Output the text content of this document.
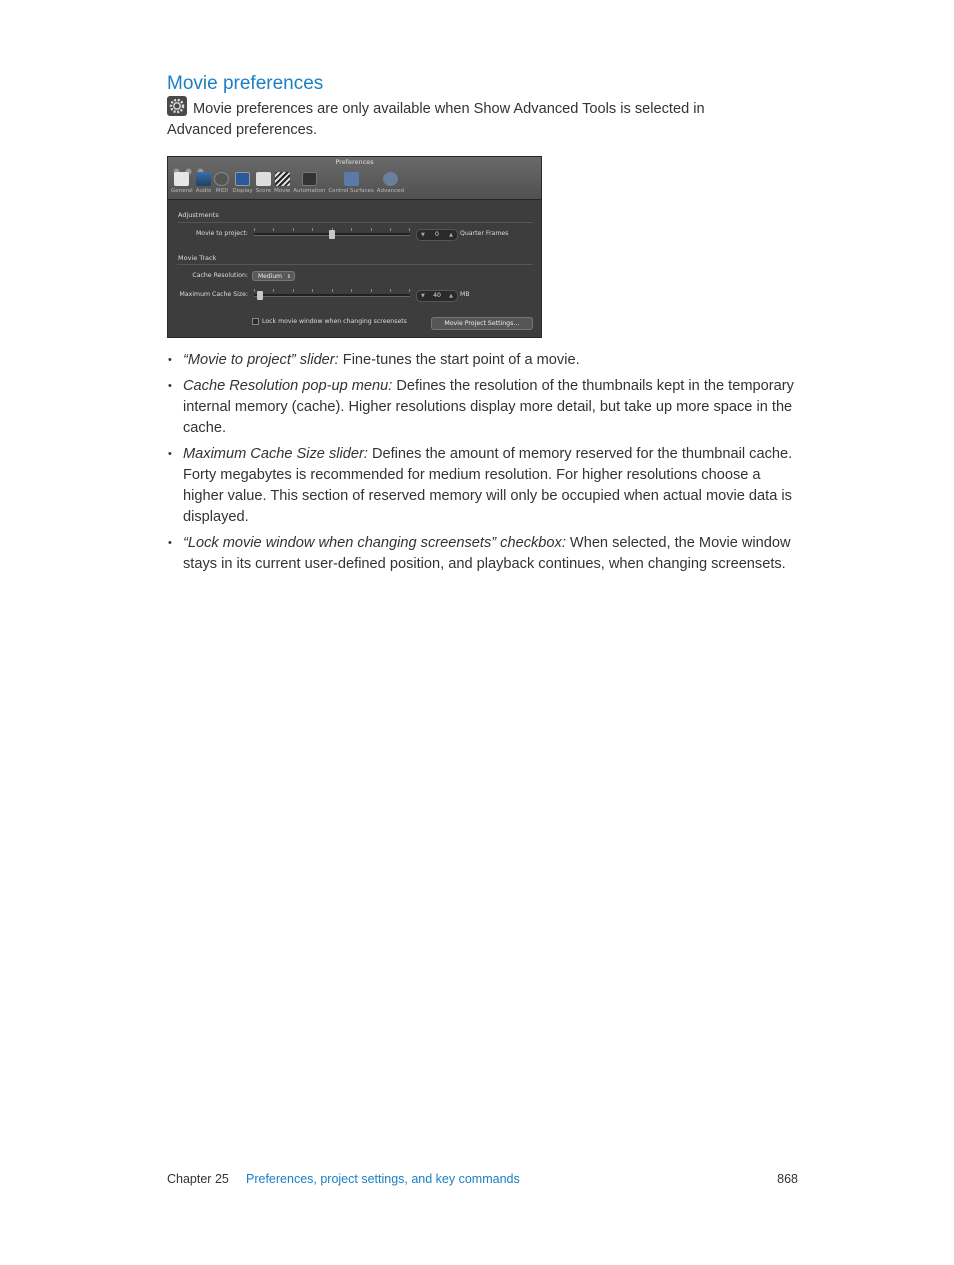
Movie preferences
Movie preferences are only available when Show Advanced Tools is selected in Advanced preferences.
Preferences
General Audio MIDI Display Score Movie Automation Control Surfaces Advanced
Adjustments
Movie to project:	▼ 0 ▲ Quarter Frames
Movie Track
Cache Resolution:	Medium ⇕
Maximum Cache Size:	▼ 40 ▲ MB
Lock movie window when changing screensets	Movie Project Settings…
• “Movie to project” slider: Fine-tunes the start point of a movie.
• Cache Resolution pop-up menu: Defines the resolution of the thumbnails kept in the temporary internal memory (cache). Higher resolutions display more detail, but take up more space in the cache.
• Maximum Cache Size slider: Defines the amount of memory reserved for the thumbnail cache. Forty megabytes is recommended for medium resolution. For higher resolutions choose a higher value. This section of reserved memory will only be occupied when actual movie data is displayed.
• “Lock movie window when changing screensets” checkbox: When selected, the Movie window stays in its current user-defined position, and playback continues, when changing screensets.
Chapter 25 Preferences, project settings, and key commands	868
